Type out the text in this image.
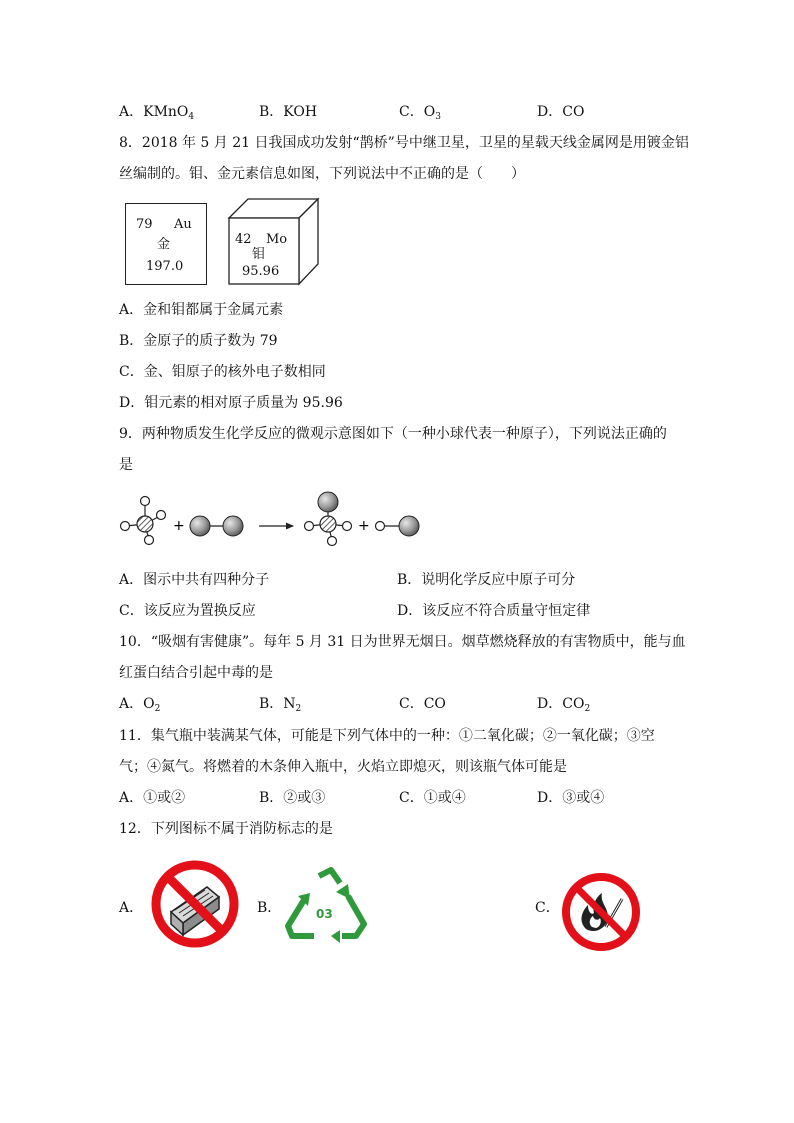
A．KMnO$_4$	B．KOH	C．$O_3$	D．CO
8．2018 年 5 月 21 日我国成功发射“鹊桥”号中继卫星，卫星的星载天线金属网是用镀金铝
丝编制的。钼、金元素信息如图，下列说法中不正确的是（　　）
79 Au
金
197.0
42 Mo
钼
95.96
A．金和钼都属于金属元素
B．金原子的质子数为 79
C．金、钼原子的核外电子数相同
D．钼元素的相对原子质量为 95.96
9．两种物质发生化学反应的微观示意图如下（一种小球代表一种原子），下列说法正确的
是
+	+
A．图示中共有四种分子	B．说明化学反应中原子可分
C．该反应为置换反应	D．该反应不符合质量守恒定律
10．“吸烟有害健康”。每年 5 月 31 日为世界无烟日。烟草燃烧释放的有害物质中，能与血
红蛋白结合引起中毒的是
A．$O_2$	B．$N_2$	C．CO	D．$CO_2$
11．集气瓶中装满某气体，可能是下列气体中的一种：①二氧化碳；②一氧化碳；③空
气；④氮气。将燃着的木条伸入瓶中，火焰立即熄灭，则该瓶气体可能是
A．①或②	B．②或③	C．①或④	D．③或④
12．下列图标不属于消防标志的是
A．	B．	03	C．
